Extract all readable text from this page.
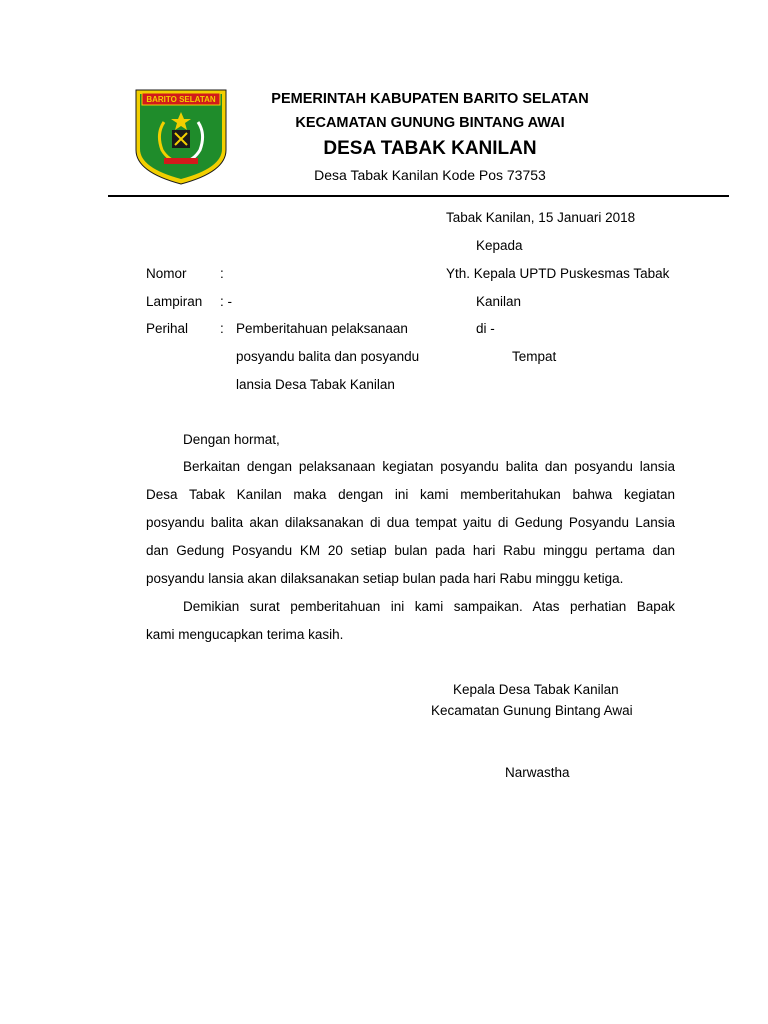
BARITO SELATAN	PEMERINTAH KABUPATEN BARITO SELATAN
KECAMATAN GUNUNG BINTANG AWAI
DESA TABAK KANILAN
Desa Tabak Kanilan Kode Pos 73753
Tabak Kanilan, 15 Januari 2018
Kepada
Yth. Kepala UPTD Puskesmas Tabak
Kanilan
di -
Tempat
Nomor :
Lampiran : -
Perihal : Pemberitahuan pelaksanaan
posyandu balita dan posyandu
lansia Desa Tabak Kanilan
Dengan hormat,
Berkaitan dengan pelaksanaan kegiatan posyandu balita dan posyandu lansia
Desa Tabak Kanilan maka dengan ini kami memberitahukan bahwa kegiatan
posyandu balita akan dilaksanakan di dua tempat yaitu di Gedung Posyandu Lansia
dan Gedung Posyandu KM 20 setiap bulan pada hari Rabu minggu pertama dan
posyandu lansia akan dilaksanakan setiap bulan pada hari Rabu minggu ketiga.
Demikian surat pemberitahuan ini kami sampaikan. Atas perhatian Bapak
kami mengucapkan terima kasih.
Kepala Desa Tabak Kanilan
Kecamatan Gunung Bintang Awai
Narwastha
